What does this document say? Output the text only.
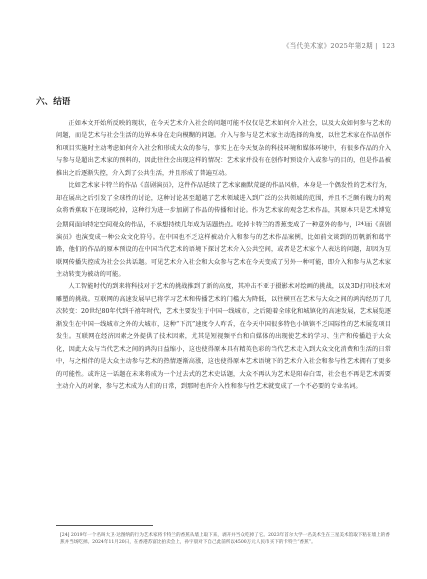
《当代美术家》2025年第2期 | 123
六、结语

正如本文开始所反映的现状，在今天艺术介入社会的问题可能不仅仅是艺术如何介入社会，以及大众如何参与艺术的问题，而是艺术与社会生活的边界本身在走向模糊的问题。介入与参与是艺术家主动选择的角度，以往艺术家在作品创作和项目实施时主动考虑如何介入社会和形成大众的参与，事实上在今天复杂的科技环境和媒体环境中，有很多作品的介入与参与是超出艺术家的预料的，因此往往会出现这样的情况：艺术家并没有在创作时预设介入或参与的目的，但是作品被推出之后逐渐失控，介入到了公共生活，并且形成了普遍互动。

比如艺术家卡特兰的作品《喜剧演员》，这件作品延续了艺术家幽默荒诞的作品风格，本身是一个偶发性的艺术行为，却在展出之后引发了全球性的讨论，这种讨论甚至超越了艺术领域进入到广泛的公共领域的范围，并且不乏颇有魄力的观众将香蕉取下在现场吃掉，这种行为进一步加剧了作品的传播和讨论。作为艺术家的观念艺术作品，其原本只是艺术博览会期间面向特定空间观众的作品，不承想持续几年成为话题热点。吃掉卡特兰的香蕉变成了一种意外的参与，[24]而《喜剧演员》也演变成一种公众文化符号。在中国也不乏这样被动介入和参与的艺术作品案例，比如前文谈到的历帆新和葛宇路，他们的作品的原本预设的在中国当代艺术的语境下探讨艺术介入公共空间，或者是艺术家个人表达的问题，却因为互联网传播失控成为社会公共话题。可见艺术介入社会和大众参与艺术在今天变成了另外一种可能，即介入和参与从艺术家主动转变为被动的可能。

人工智能时代的到来将科技对于艺术的挑战推到了新的高度，其冲击不亚于摄影术对绘画的挑战，以及3D打印技术对雕塑的挑战。互联网的高速发展早已将学习艺术和传播艺术的门槛大为降低，以往横亘在艺术与大众之间的鸿沟经历了几次转变：20世纪80年代到千禧年时代，艺术主要发生于中国一线城市，之后随着全球化和城镇化的高速发展，艺术展览逐渐发生在中国一线城市之外的大城市，这种“下沉”速度令人咋舌，在今天中国很多特色小镇镇不乏国际性的艺术展览项目发生。互联网在经济因素之外提供了技术因素，尤其是短视频平台和自媒体的出现使艺术的学习、生产和传播趋于大众化，因此大众与当代艺术之间的鸿沟日益缩小，这也使得原本具有精英色彩的当代艺术走入到大众文化消费和生活的日常中，与之相伴的是大众主动参与艺术的热情逐渐高涨，这也使得原本艺术语境下的艺术介入社会和参与性艺术拥有了更多的可能性。或许这一话题在未来将成为一个过去式的艺术史话题，大众不再认为艺术是阳春白雪，社会也不再是艺术需要主动介入的对象，参与艺术成为人们的日常，到那时也许介入性和参与性艺术就变成了一个不必要的专业名词。

[24] 2019年一个名叫大卫·达图纳的行为艺术家将卡特兰的香蕉从墙上取下来，剥开并当众吃掉了它。2023年首尔大学一名美术生在三星美术馆取下粘在墙上的香蕉并当场吃掉。2024年11月20日，在香港苏富比拍卖会上，孙宇晨对下自己此前所以4500万元人民币买下的卡特兰“香蕉”。
